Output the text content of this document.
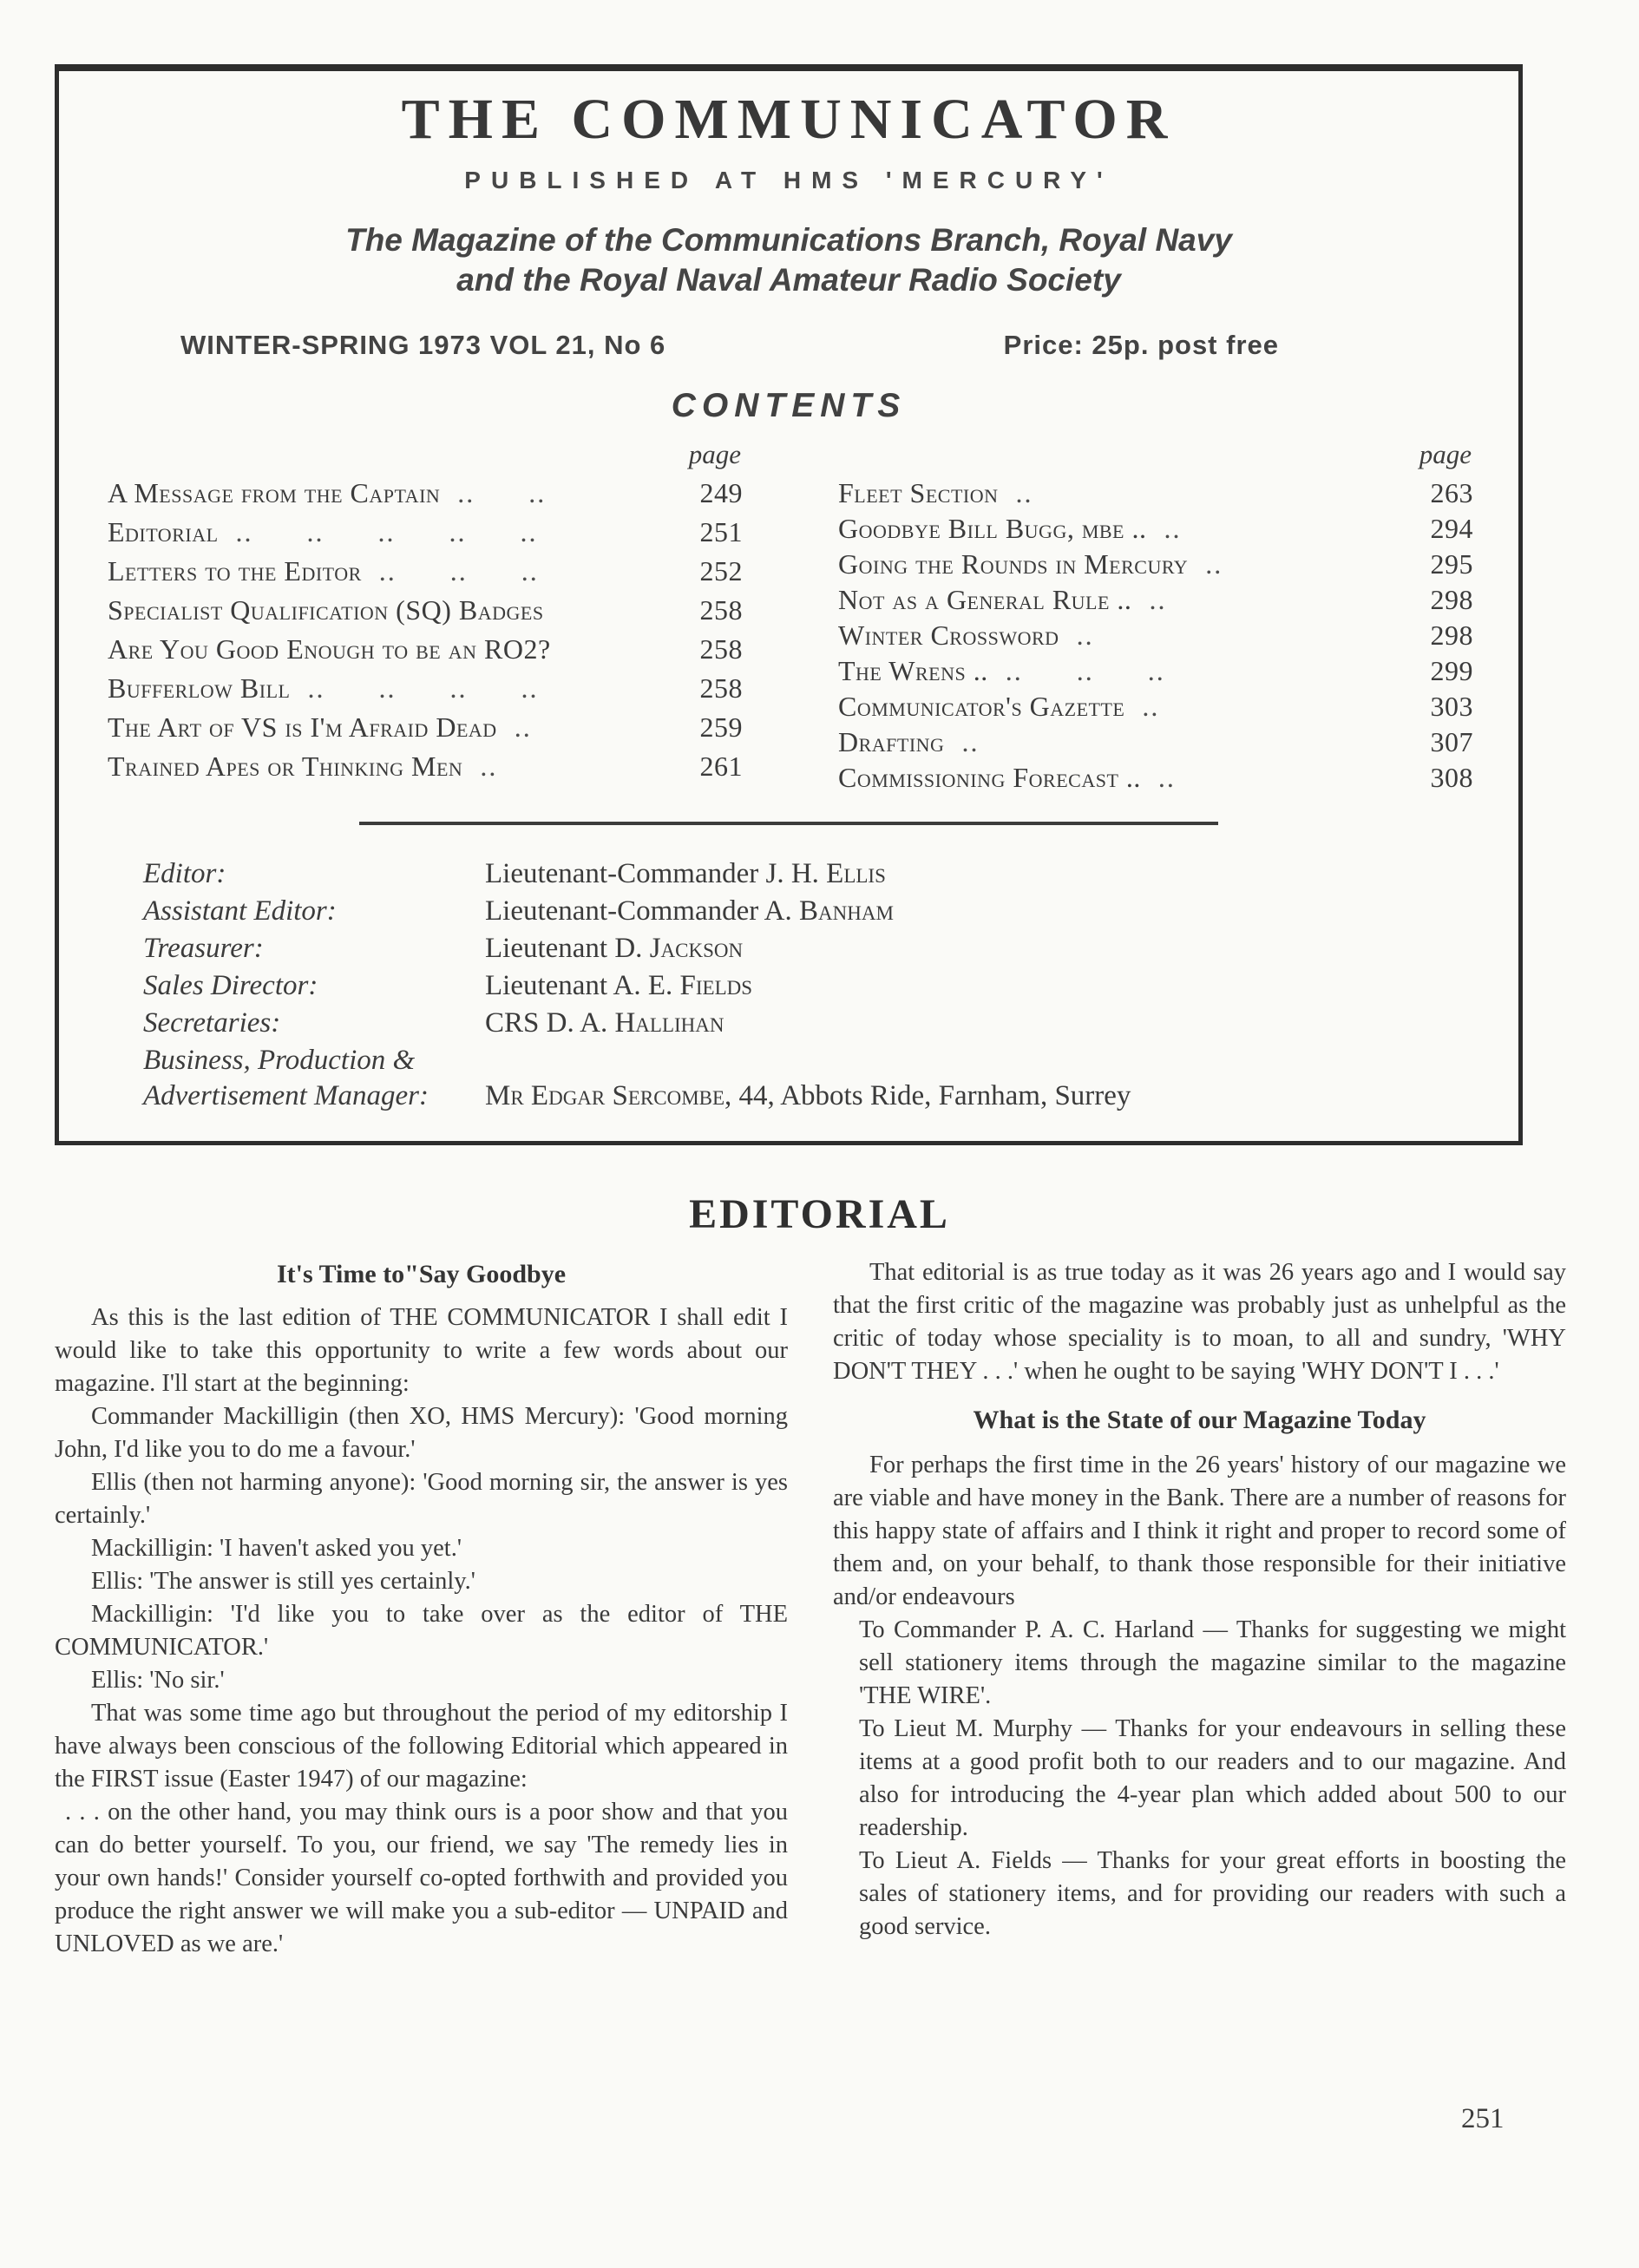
THE COMMUNICATOR
PUBLISHED AT HMS 'MERCURY'
The Magazine of the Communications Branch, Royal Navy
and the Royal Naval Amateur Radio Society
WINTER-SPRING 1973 VOL 21, No 6	Price: 25p. post free
CONTENTS
page
A Message from the Captain .. ..	249
Editorial .. .. .. .. ..	251
Letters to the Editor .. .. ..	252
Specialist Qualification (SQ) Badges	258
Are You Good Enough to be an RO2?	258
Bufferlow Bill .. .. .. ..	258
The Art of VS is I'm Afraid Dead ..	259
Trained Apes or Thinking Men ..	261
page
Fleet Section ..	263
Goodbye Bill Bugg, mbe .. ..	294
Going the Rounds in Mercury ..	295
Not as a General Rule .. ..	298
Winter Crossword ..	298
The Wrens .. .. .. ..	299
Communicator's Gazette ..	303
Drafting ..	307
Commissioning Forecast .. ..	308
Editor:	Lieutenant-Commander J. H. Ellis
Assistant Editor:	Lieutenant-Commander A. Banham
Treasurer:	Lieutenant D. Jackson
Sales Director:	Lieutenant A. E. Fields
Secretaries:	CRS D. A. Hallihan
Business, Production & Advertisement Manager:	Mr Edgar Sercombe, 44, Abbots Ride, Farnham, Surrey
EDITORIAL
It's Time to"Say Goodbye

As this is the last edition of THE COMMUNICATOR I shall edit I would like to take this opportunity to write a few words about our magazine. I'll start at the beginning:

Commander Mackilligin (then XO, HMS Mercury): 'Good morning John, I'd like you to do me a favour.'

Ellis (then not harming anyone): 'Good morning sir, the answer is yes certainly.'

Mackilligin: 'I haven't asked you yet.'

Ellis: 'The answer is still yes certainly.'

Mackilligin: 'I'd like you to take over as the editor of THE COMMUNICATOR.'

Ellis: 'No sir.'

That was some time ago but throughout the period of my editorship I have always been conscious of the following Editorial which appeared in the FIRST issue (Easter 1947) of our magazine:

. . . on the other hand, you may think ours is a poor show and that you can do better yourself. To you, our friend, we say 'The remedy lies in your own hands!' Consider yourself co-opted forthwith and provided you produce the right answer we will make you a sub-editor — UNPAID and UNLOVED as we are.'

That editorial is as true today as it was 26 years ago and I would say that the first critic of the magazine was probably just as unhelpful as the critic of today whose speciality is to moan, to all and sundry, 'WHY DON'T THEY . . .' when he ought to be saying 'WHY DON'T I . . .'

What is the State of our Magazine Today

For perhaps the first time in the 26 years' history of our magazine we are viable and have money in the Bank. There are a number of reasons for this happy state of affairs and I think it right and proper to record some of them and, on your behalf, to thank those responsible for their initiative and/or endeavours

To Commander P. A. C. Harland — Thanks for suggesting we might sell stationery items through the magazine similar to the magazine 'THE WIRE'.

To Lieut M. Murphy — Thanks for your endeavours in selling these items at a good profit both to our readers and to our magazine. And also for introducing the 4-year plan which added about 500 to our readership.

To Lieut A. Fields — Thanks for your great efforts in boosting the sales of stationery items, and for providing our readers with such a good service.

251
